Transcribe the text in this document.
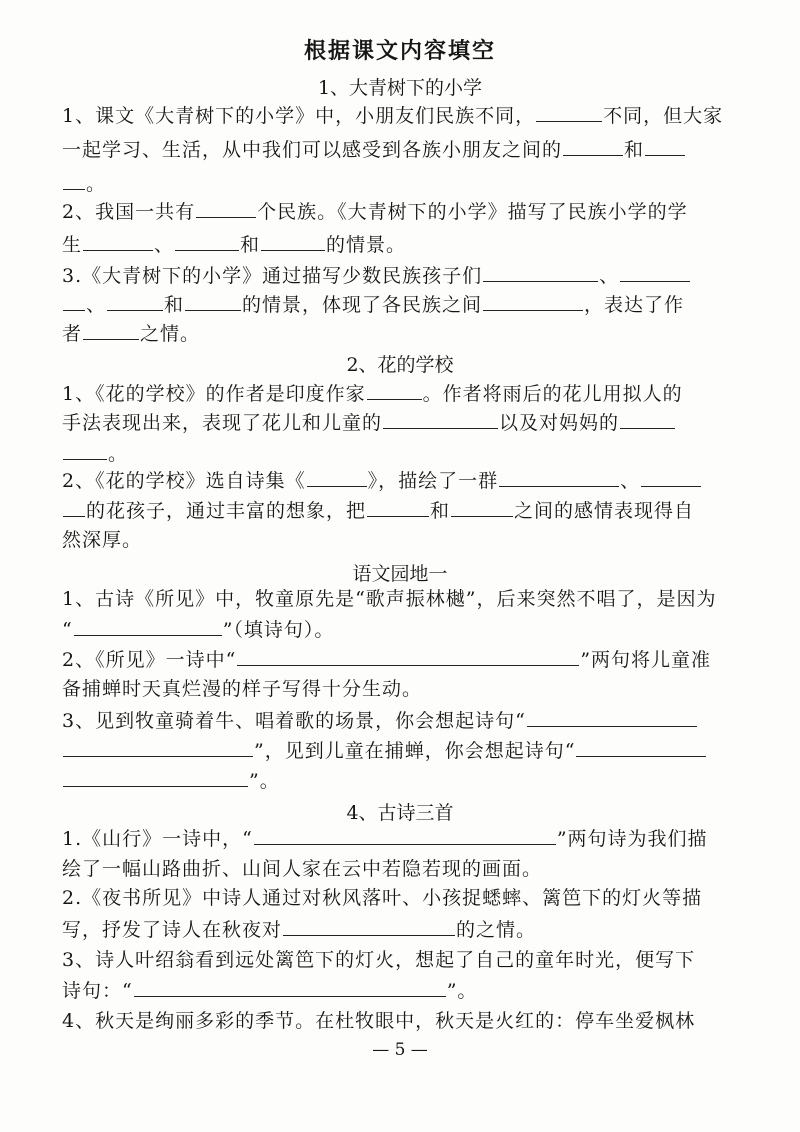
根据课文内容填空
1、大青树下的小学
1、课文《大青树下的小学》中，小朋友们民族不同，	不同，但大家
一起学习、生活，从中我们可以感受到各族小朋友之间的	和
。
2、我国一共有	个民族。《大青树下的小学》描写了民族小学的学
生	、	和	的情景。
3.《大青树下的小学》通过描写少数民族孩子们	、
、	和	的情景，体现了各民族之间	，表达了作
者	之情。
2、花的学校
1、《花的学校》的作者是印度作家	。作者将雨后的花儿用拟人的
手法表现出来，表现了花儿和儿童的	以及对妈妈的
。
2、《花的学校》选自诗集《	》，描绘了一群	、
的花孩子，通过丰富的想象，把	和	之间的感情表现得自
然深厚。
语文园地一
1、古诗《所见》中，牧童原先是“歌声振林樾”，后来突然不唱了，是因为
“	”（填诗句）。
2、《所见》一诗中“	”两句将儿童准
备捕蝉时天真烂漫的样子写得十分生动。
3、见到牧童骑着牛、唱着歌的场景，你会想起诗句“
”，见到儿童在捕蝉，你会想起诗句“
”。
4、古诗三首
1.《山行》一诗中，“	”两句诗为我们描
绘了一幅山路曲折、山间人家在云中若隐若现的画面。
2.《夜书所见》中诗人通过对秋风落叶、小孩捉蟋蟀、篱笆下的灯火等描
写，抒发了诗人在秋夜对	的之情。
3、诗人叶绍翁看到远处篱笆下的灯火，想起了自己的童年时光，便写下
诗句：“	”。
4、秋天是绚丽多彩的季节。在杜牧眼中，秋天是火红的：停车坐爱枫林
— 5 —
